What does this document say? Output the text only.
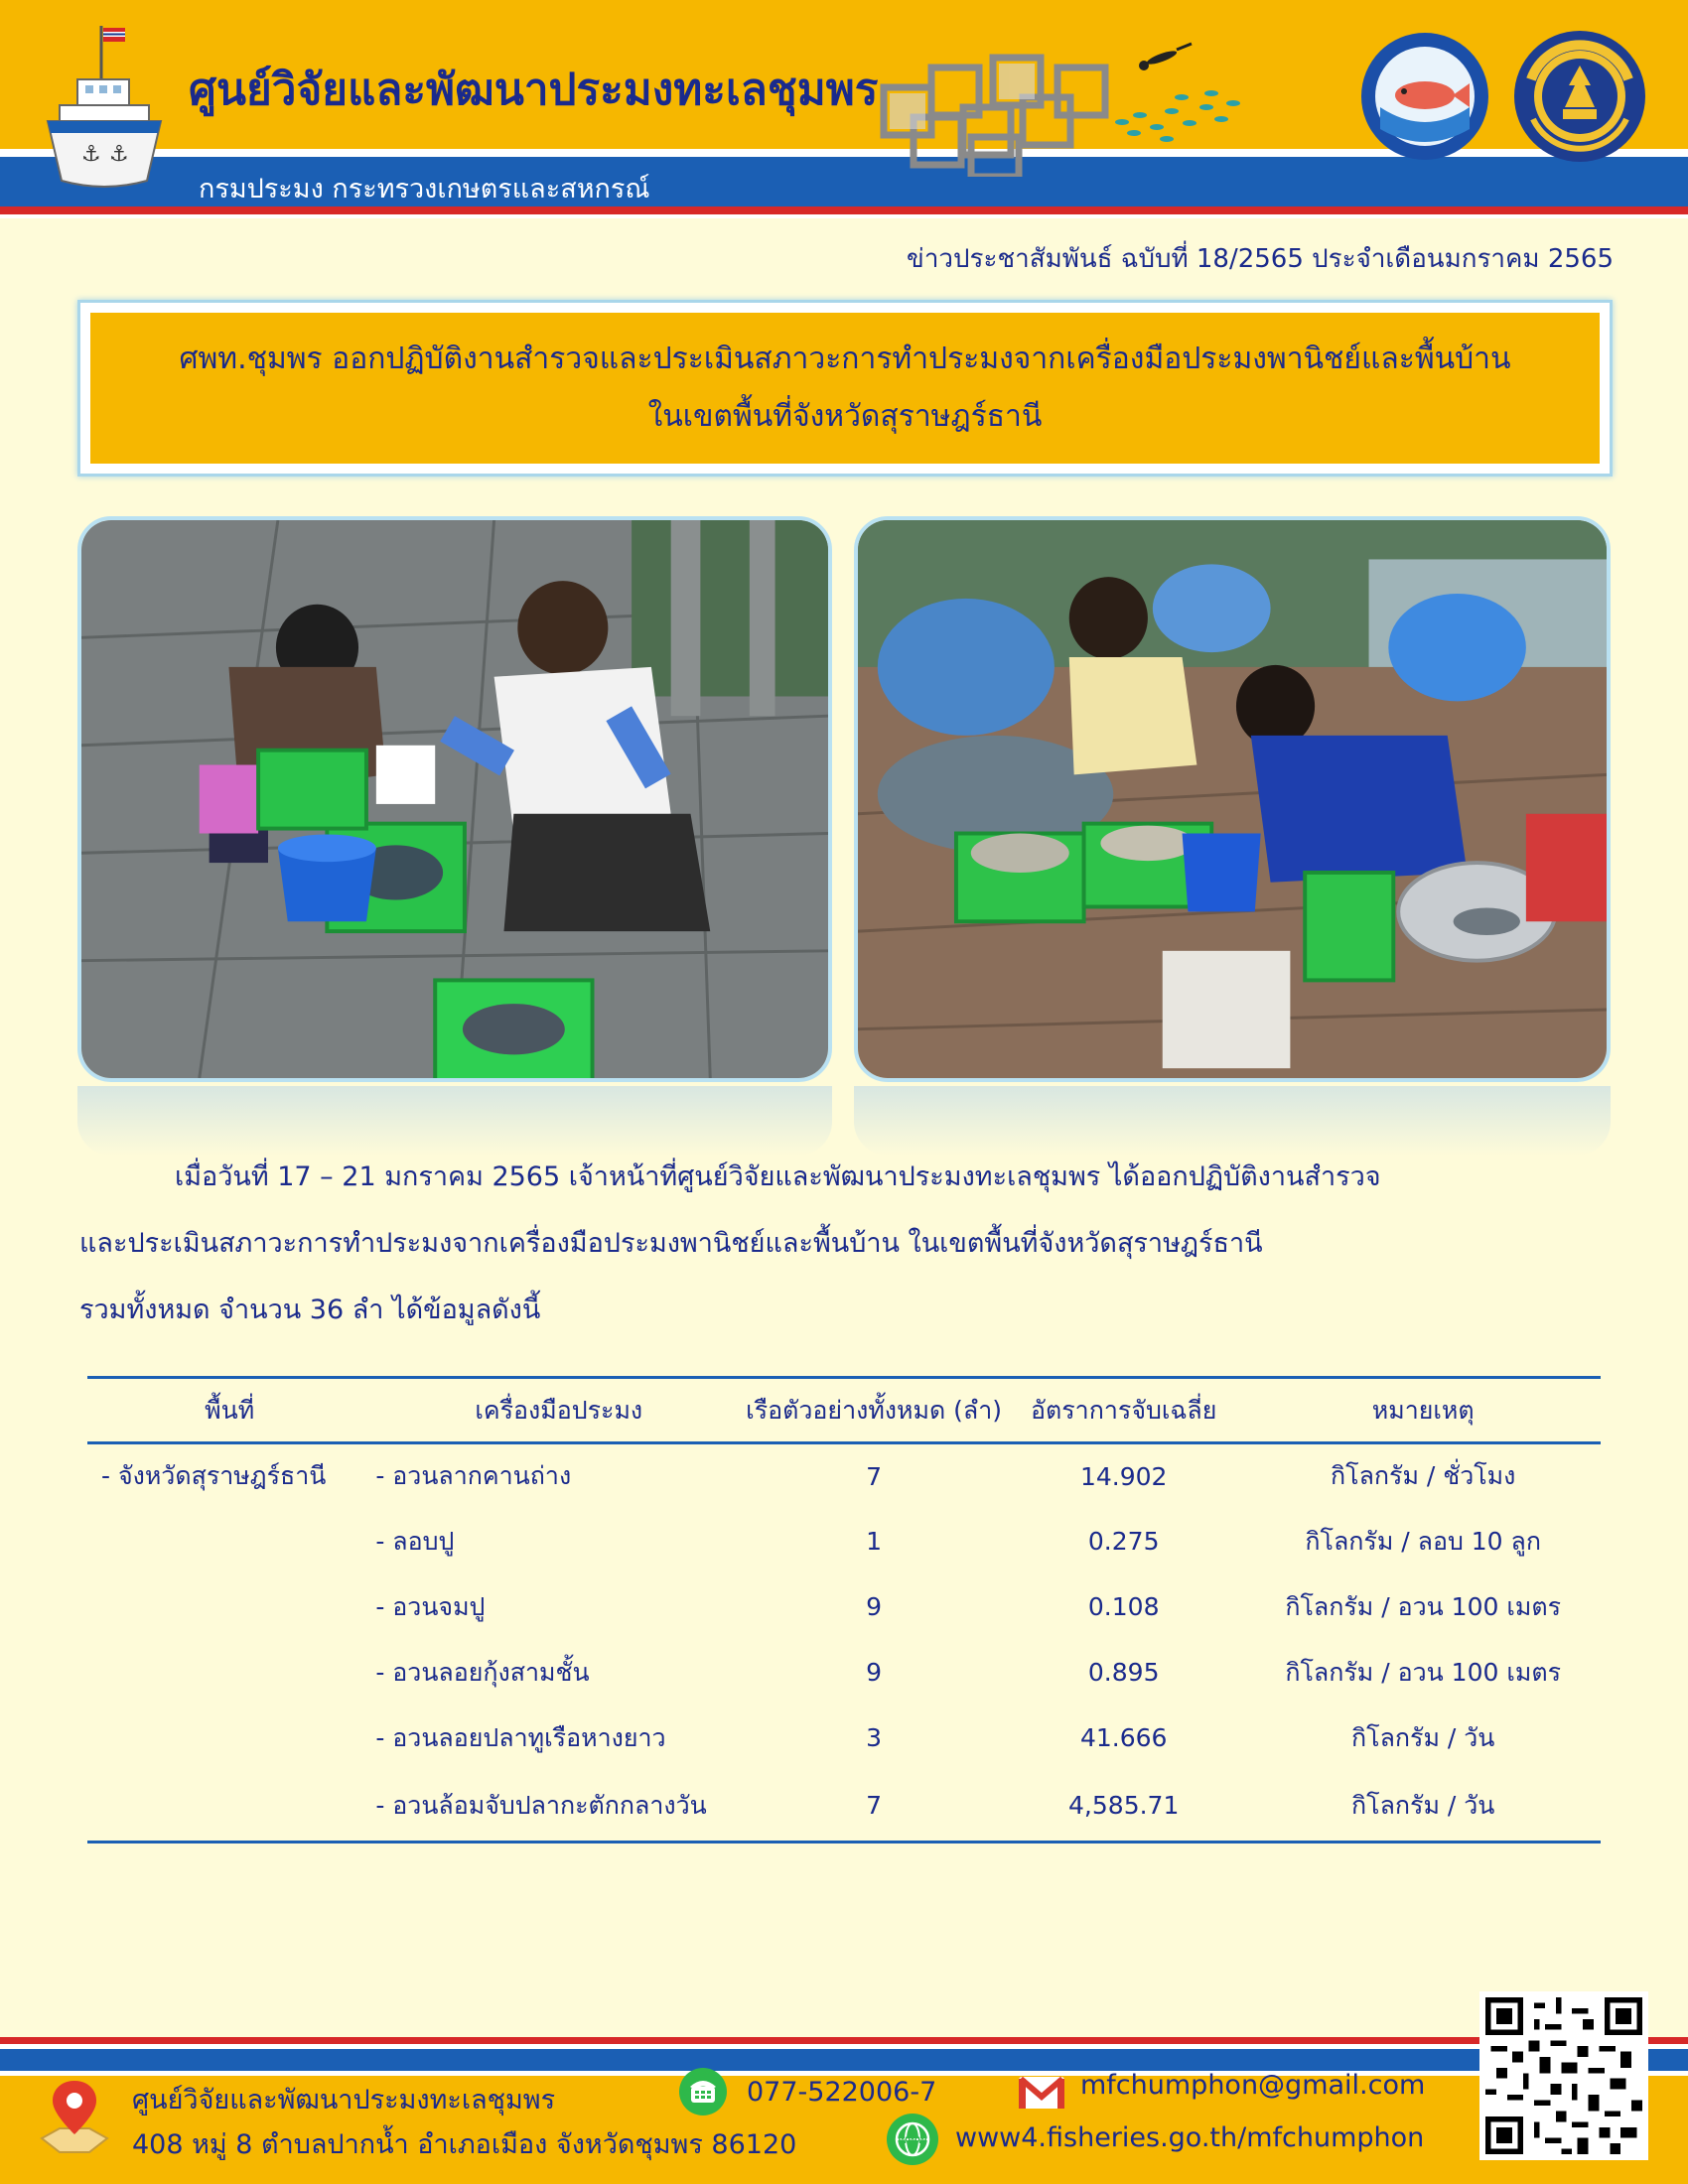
⚓ ⚓
ศูนย์วิจัยและพัฒนาประมงทะเลชุมพร
กรมประมง กระทรวงเกษตรและสหกรณ์
ข่าวประชาสัมพันธ์ ฉบับที่ 18/2565 ประจำเดือนมกราคม 2565
ศพท.ชุมพร ออกปฏิบัติงานสำรวจและประเมินสภาวะการทำประมงจากเครื่องมือประมงพานิชย์และพื้นบ้าน
ในเขตพื้นที่จังหวัดสุราษฎร์ธานี
เมื่อวันที่ 17 – 21 มกราคม 2565 เจ้าหน้าที่ศูนย์วิจัยและพัฒนาประมงทะเลชุมพร ได้ออกปฏิบัติงานสำรวจ
และประเมินสภาวะการทำประมงจากเครื่องมือประมงพานิชย์และพื้นบ้าน ในเขตพื้นที่จังหวัดสุราษฎร์ธานี
รวมทั้งหมด จำนวน 36 ลำ ได้ข้อมูลดังนี้
พื้นที่	เครื่องมือประมง	เรือตัวอย่างทั้งหมด (ลำ)	อัตราการจับเฉลี่ย	หมายเหตุ
- จังหวัดสุราษฎร์ธานี	- อวนลากคานถ่าง	7	14.902	กิโลกรัม / ชั่วโมง
	- ลอบปู	1	0.275	กิโลกรัม / ลอบ 10 ลูก
	- อวนจมปู	9	0.108	กิโลกรัม / อวน 100 เมตร
	- อวนลอยกุ้งสามชั้น	9	0.895	กิโลกรัม / อวน 100 เมตร
	- อวนลอยปลาทูเรือหางยาว	3	41.666	กิโลกรัม / วัน
	- อวนล้อมจับปลากะตักกลางวัน	7	4,585.71	กิโลกรัม / วัน
ศูนย์วิจัยและพัฒนาประมงทะเลชุมพร
408 หมู่ 8 ตำบลปากน้ำ อำเภอเมือง จังหวัดชุมพร 86120
077-522006-7
WWW www4.fisheries.go.th/mfchumphon
mfchumphon@gmail.com
